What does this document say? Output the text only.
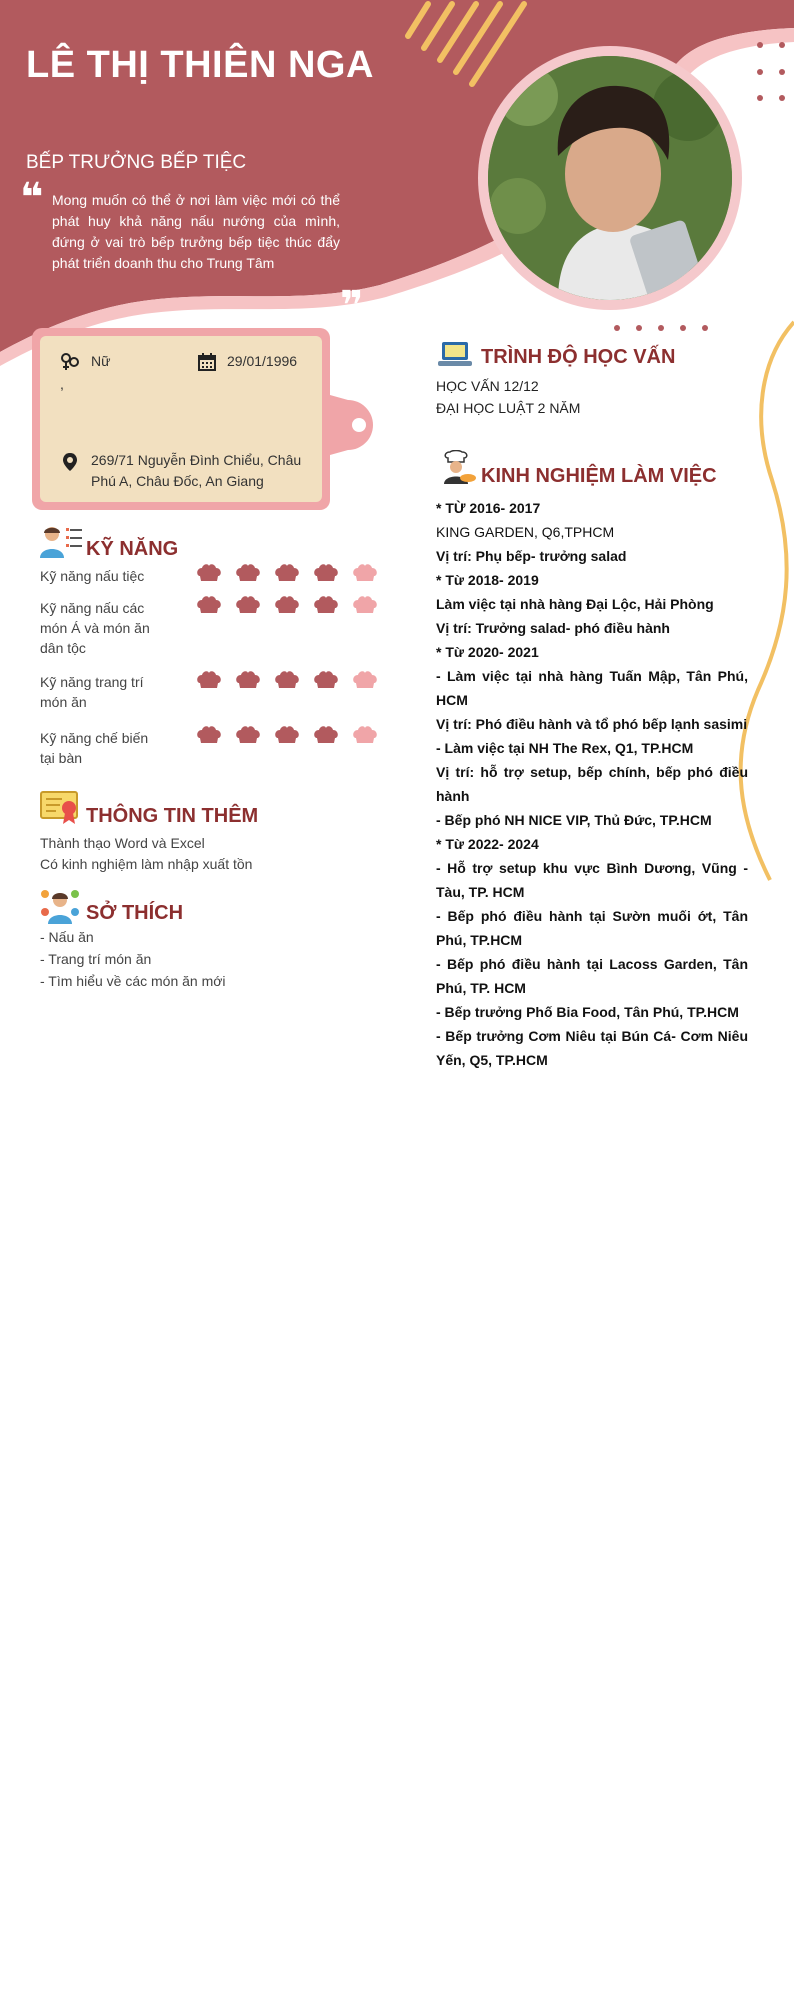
LÊ THỊ THIÊN NGA
BẾP TRƯỞNG BẾP TIỆC
❝ Mong muốn có thể ở nơi làm việc mới có thể phát huy khả năng nấu nướng của mình, đứng ở vai trò bếp trưởng bếp tiệc thúc đẩy phát triển doanh thu cho Trung Tâm
❞
Nữ	29/01/1996
,
269/71 Nguyễn Đình Chiểu, Châu Phú A, Châu Đốc, An Giang
KỸ NĂNG
Kỹ năng nấu tiệc
Kỹ năng nấu các món Á và món ăn dân tộc
Kỹ năng trang trí món ăn
Kỹ năng chế biến tại bàn
THÔNG TIN THÊM
Thành thạo Word và Excel
Có kinh nghiệm làm nhập xuất tồn
SỞ THÍCH
- Nấu ăn
- Trang trí món ăn
- Tìm hiểu về các món ăn mới
TRÌNH ĐỘ HỌC VẤN
HỌC VẤN 12/12
ĐẠI HỌC LUẬT 2 NĂM
KINH NGHIỆM LÀM VIỆC
* TỪ 2016- 2017
KING GARDEN, Q6,TPHCM
Vị trí: Phụ bếp- trưởng salad
* Từ 2018- 2019
Làm việc tại nhà hàng Đại Lộc, Hải Phòng
Vị trí: Trưởng salad- phó điều hành
* Từ 2020- 2021
- Làm việc tại nhà hàng Tuấn Mập, Tân Phú, HCM
Vị trí: Phó điều hành và tổ phó bếp lạnh sasimi
- Làm việc tại NH The Rex, Q1, TP.HCM
Vị trí: hỗ trợ setup, bếp chính, bếp phó điều hành
- Bếp phó NH NICE VIP, Thủ Đức, TP.HCM
* Từ 2022- 2024
- Hỗ trợ setup khu vực Bình Dương, Vũng - Tàu, TP. HCM
- Bếp phó điều hành tại Sườn muối ớt, Tân Phú, TP.HCM
- Bếp phó điều hành tại Lacoss Garden, Tân Phú, TP. HCM
- Bếp trưởng Phố Bia Food, Tân Phú, TP.HCM
- Bếp trưởng Cơm Niêu tại Bún Cá- Cơm Niêu Yến, Q5, TP.HCM
